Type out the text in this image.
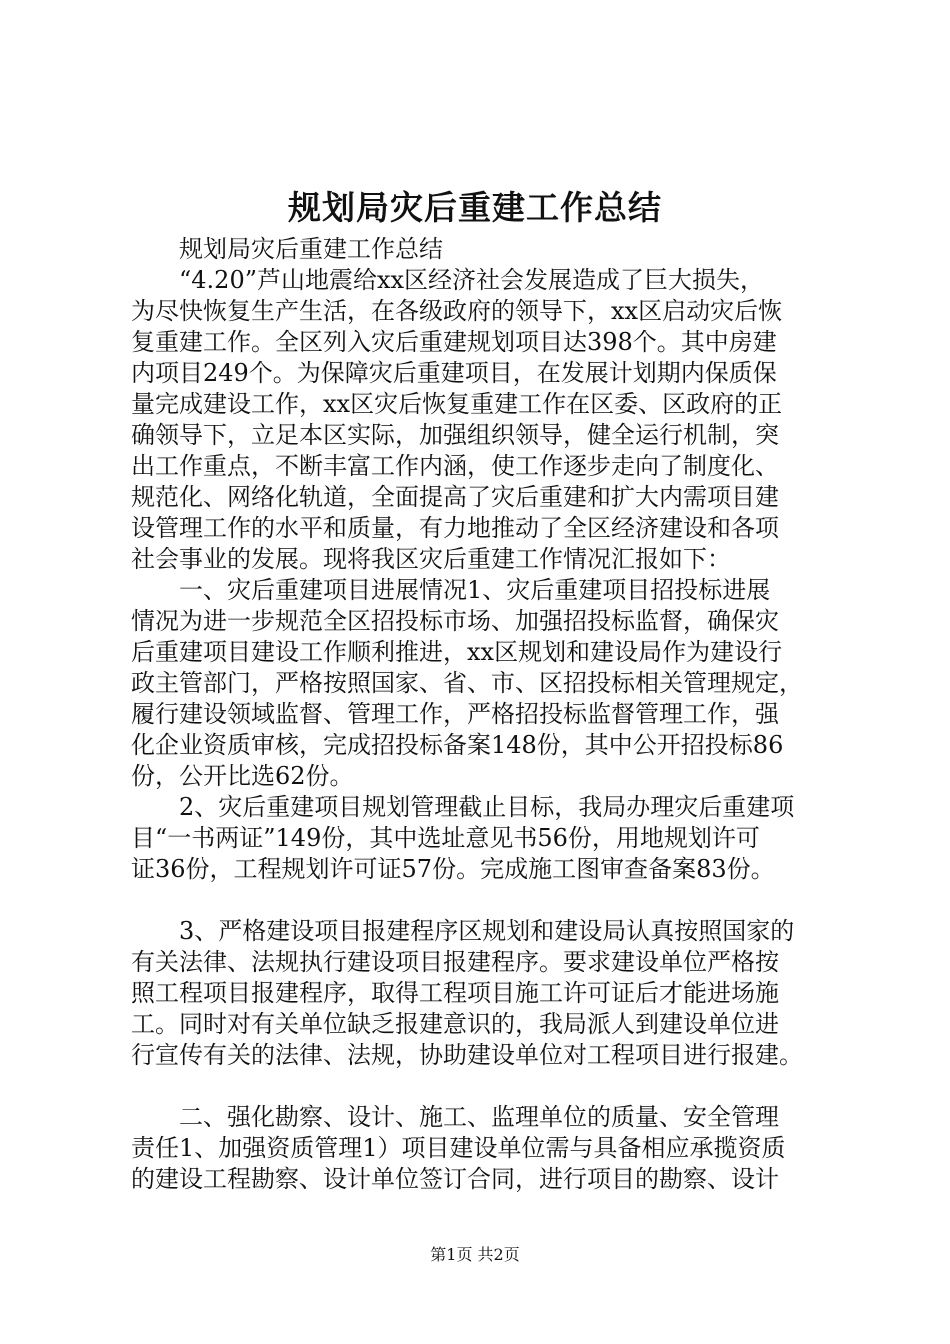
规划局灾后重建工作总结
规划局灾后重建工作总结
“4.20”芦山地震给xx区经济社会发展造成了巨大损失，
为尽快恢复生产生活，在各级政府的领导下，xx区启动灾后恢
复重建工作。全区列入灾后重建规划项目达398个。其中房建
内项目249个。为保障灾后重建项目，在发展计划期内保质保
量完成建设工作，xx区灾后恢复重建工作在区委、区政府的正
确领导下，立足本区实际，加强组织领导，健全运行机制，突
出工作重点，不断丰富工作内涵，使工作逐步走向了制度化、
规范化、网络化轨道，全面提高了灾后重建和扩大内需项目建
设管理工作的水平和质量，有力地推动了全区经济建设和各项
社会事业的发展。现将我区灾后重建工作情况汇报如下：
一、灾后重建项目进展情况1、灾后重建项目招投标进展
情况为进一步规范全区招投标市场、加强招投标监督，确保灾
后重建项目建设工作顺利推进，xx区规划和建设局作为建设行
政主管部门，严格按照国家、省、市、区招投标相关管理规定，
履行建设领域监督、管理工作，严格招投标监督管理工作，强
化企业资质审核，完成招投标备案148份，其中公开招投标86
份，公开比选62份。
2、灾后重建项目规划管理截止目标，我局办理灾后重建项
目“一书两证”149份，其中选址意见书56份，用地规划许可
证36份，工程规划许可证57份。完成施工图审查备案83份。
3、严格建设项目报建程序区规划和建设局认真按照国家的
有关法律、法规执行建设项目报建程序。要求建设单位严格按
照工程项目报建程序，取得工程项目施工许可证后才能进场施
工。同时对有关单位缺乏报建意识的，我局派人到建设单位进
行宣传有关的法律、法规，协助建设单位对工程项目进行报建。
二、强化勘察、设计、施工、监理单位的质量、安全管理
责任1、加强资质管理1）项目建设单位需与具备相应承揽资质
的建设工程勘察、设计单位签订合同，进行项目的勘察、设计
第1页 共2页
